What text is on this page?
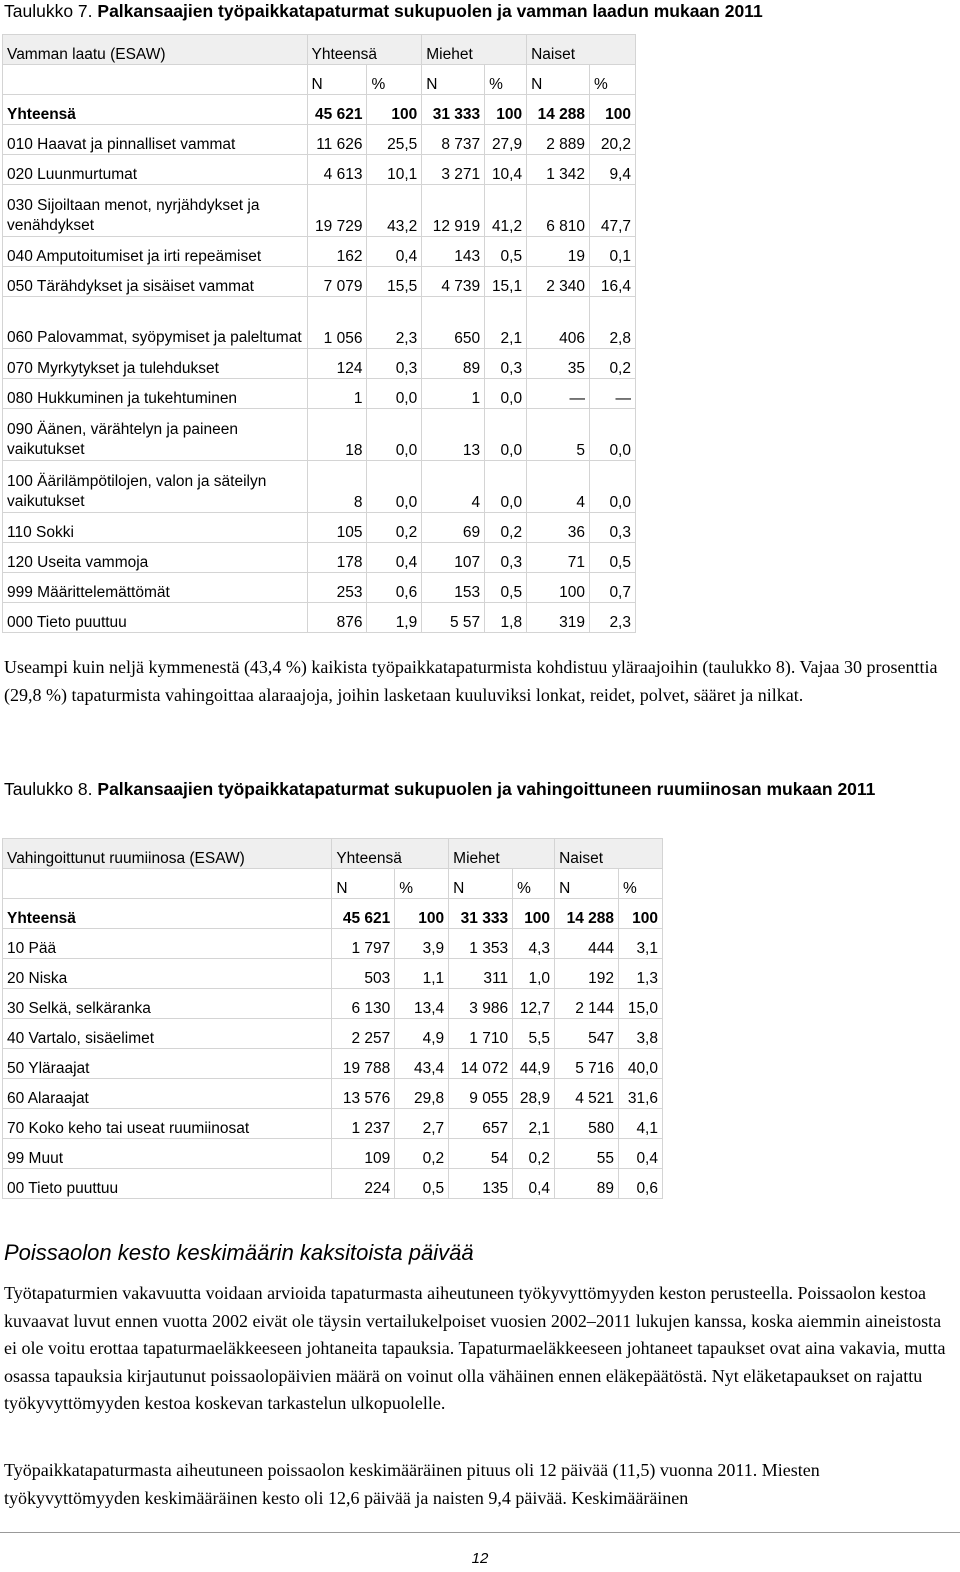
Taulukko 7. Palkansaajien työpaikkatapaturmat sukupuolen ja vamman laadun mukaan 2011

Vamman laatu (ESAW)	Yhteensä		Miehet		Naiset	
	N	%	N	%	N	%
Yhteensä	45 621	100	31 333	100	14 288	100
010 Haavat ja pinnalliset vammat	11 626	25,5	8 737	27,9	2 889	20,2
020 Luunmurtumat	4 613	10,1	3 271	10,4	1 342	9,4
030 Sijoiltaan menot, nyrjähdykset ja venähdykset	19 729	43,2	12 919	41,2	6 810	47,7
040 Amputoitumiset ja irti repeämiset	162	0,4	143	0,5	19	0,1
050 Tärähdykset ja sisäiset vammat	7 079	15,5	4 739	15,1	2 340	16,4
060 Palovammat, syöpymiset ja paleltumat	1 056	2,3	650	2,1	406	2,8
070 Myrkytykset ja tulehdukset	124	0,3	89	0,3	35	0,2
080 Hukkuminen ja tukehtuminen	1	0,0	1	0,0	—	—
090 Äänen, värähtelyn ja paineen vaikutukset	18	0,0	13	0,0	5	0,0
100 Äärilämpötilojen, valon ja säteilyn vaikutukset	8	0,0	4	0,0	4	0,0
110 Sokki	105	0,2	69	0,2	36	0,3
120 Useita vammoja	178	0,4	107	0,3	71	0,5
999 Määrittelemättömät	253	0,6	153	0,5	100	0,7
000 Tieto puuttuu	876	1,9	5 57	1,8	319	2,3

Useampi kuin neljä kymmenestä (43,4 %) kaikista työpaikkatapaturmista kohdistuu yläraajoihin (taulukko 8). Vajaa 30 prosenttia (29,8 %) tapaturmista vahingoittaa alaraajoja, joihin lasketaan kuuluviksi lonkat, reidet, polvet, sääret ja nilkat.

Taulukko 8. Palkansaajien työpaikkatapaturmat sukupuolen ja vahingoittuneen ruumiinosan mukaan 2011

Vahingoittunut ruumiinosa (ESAW)	Yhteensä		Miehet		Naiset	
	N	%	N	%	N	%
Yhteensä	45 621	100	31 333	100	14 288	100
10 Pää	1 797	3,9	1 353	4,3	444	3,1
20 Niska	503	1,1	311	1,0	192	1,3
30 Selkä, selkäranka	6 130	13,4	3 986	12,7	2 144	15,0
40 Vartalo, sisäelimet	2 257	4,9	1 710	5,5	547	3,8
50 Yläraajat	19 788	43,4	14 072	44,9	5 716	40,0
60 Alaraajat	13 576	29,8	9 055	28,9	4 521	31,6
70 Koko keho tai useat ruumiinosat	1 237	2,7	657	2,1	580	4,1
99 Muut	109	0,2	54	0,2	55	0,4
00 Tieto puuttuu	224	0,5	135	0,4	89	0,6
Poissaolon kesto keskimäärin kaksitoista päivää

Työtapaturmien vakavuutta voidaan arvioida tapaturmasta aiheutuneen työkyvyttömyyden keston perusteella. Poissaolon kestoa kuvaavat luvut ennen vuotta 2002 eivät ole täysin vertailukelpoiset vuosien 2002–2011 lukujen kanssa, koska aiemmin aineistosta ei ole voitu erottaa tapaturmaeläkkeeseen johtaneita tapauksia. Tapaturmaeläkkeeseen johtaneet tapaukset ovat aina vakavia, mutta osassa tapauksia kirjautunut poissaolopäivien määrä on voinut olla vähäinen ennen eläkepäätöstä. Nyt eläketapaukset on rajattu työkyvyttömyyden kestoa koskevan tarkastelun ulkopuolelle.

Työpaikkatapaturmasta aiheutuneen poissaolon keskimääräinen pituus oli 12 päivää (11,5) vuonna 2011. Miesten työkyvyttömyyden keskimääräinen kesto oli 12,6 päivää ja naisten 9,4 päivää. Keskimääräinen

12
